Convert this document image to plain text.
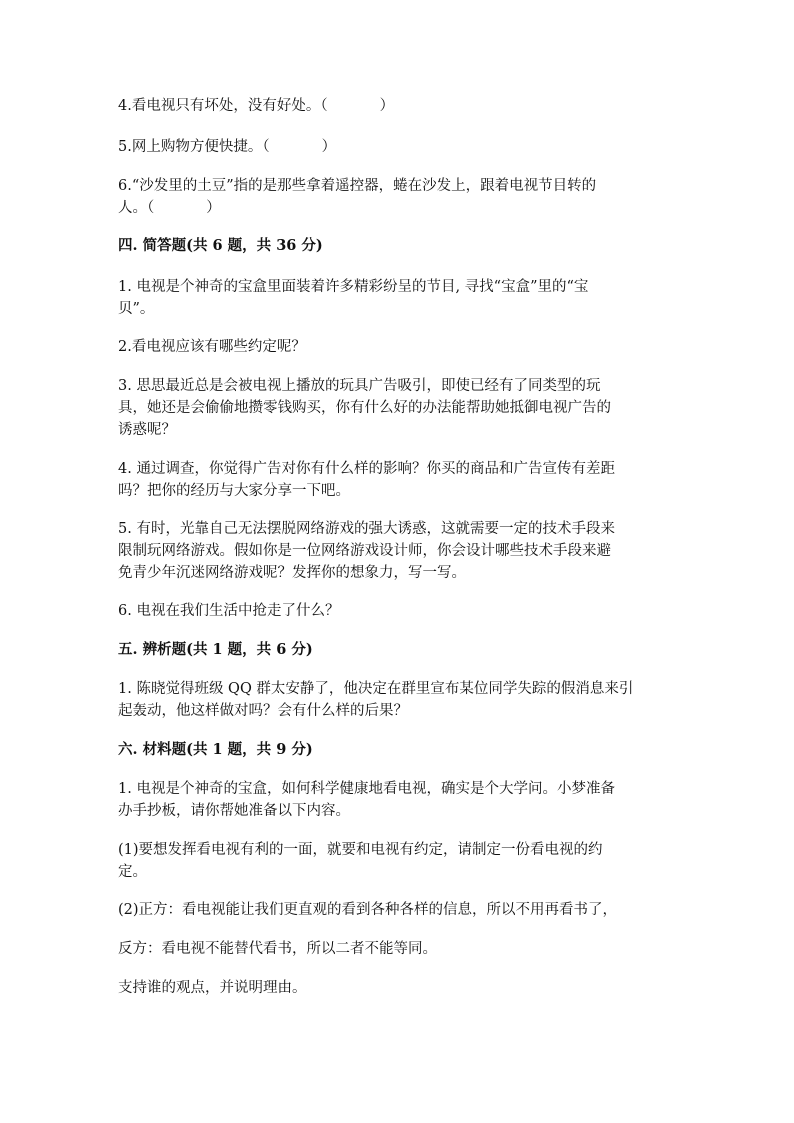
4.看电视只有坏处，没有好处。（	）
5.网上购物方便快捷。（	）
6.“沙发里的土豆”指的是那些拿着遥控器，蜷在沙发上，跟着电视节目转的
人。（	）
四. 简答题(共 6 题，共 36 分)
1. 电视是个神奇的宝盒里面装着许多精彩纷呈的节目, 寻找“宝盒”里的“宝
贝”。
2.看电视应该有哪些约定呢？
3. 思思最近总是会被电视上播放的玩具广告吸引，即使已经有了同类型的玩
具，她还是会偷偷地攒零钱购买，你有什么好的办法能帮助她抵御电视广告的
诱惑呢？
4. 通过调查，你觉得广告对你有什么样的影响？你买的商品和广告宣传有差距
吗？把你的经历与大家分享一下吧。
5. 有时，光靠自己无法摆脱网络游戏的强大诱惑，这就需要一定的技术手段来
限制玩网络游戏。假如你是一位网络游戏设计师，你会设计哪些技术手段来避
免青少年沉迷网络游戏呢？发挥你的想象力，写一写。
6. 电视在我们生活中抢走了什么？
五. 辨析题(共 1 题，共 6 分)
1. 陈晓觉得班级 QQ 群太安静了，他决定在群里宣布某位同学失踪的假消息来引
起轰动，他这样做对吗？会有什么样的后果？
六. 材料题(共 1 题，共 9 分)
1. 电视是个神奇的宝盒，如何科学健康地看电视，确实是个大学问。小梦准备
办手抄板，请你帮她准备以下内容。
(1)要想发挥看电视有利的一面，就要和电视有约定，请制定一份看电视的约
定。
(2)正方：看电视能让我们更直观的看到各种各样的信息，所以不用再看书了，
反方：看电视不能替代看书，所以二者不能等同。
支持谁的观点，并说明理由。
